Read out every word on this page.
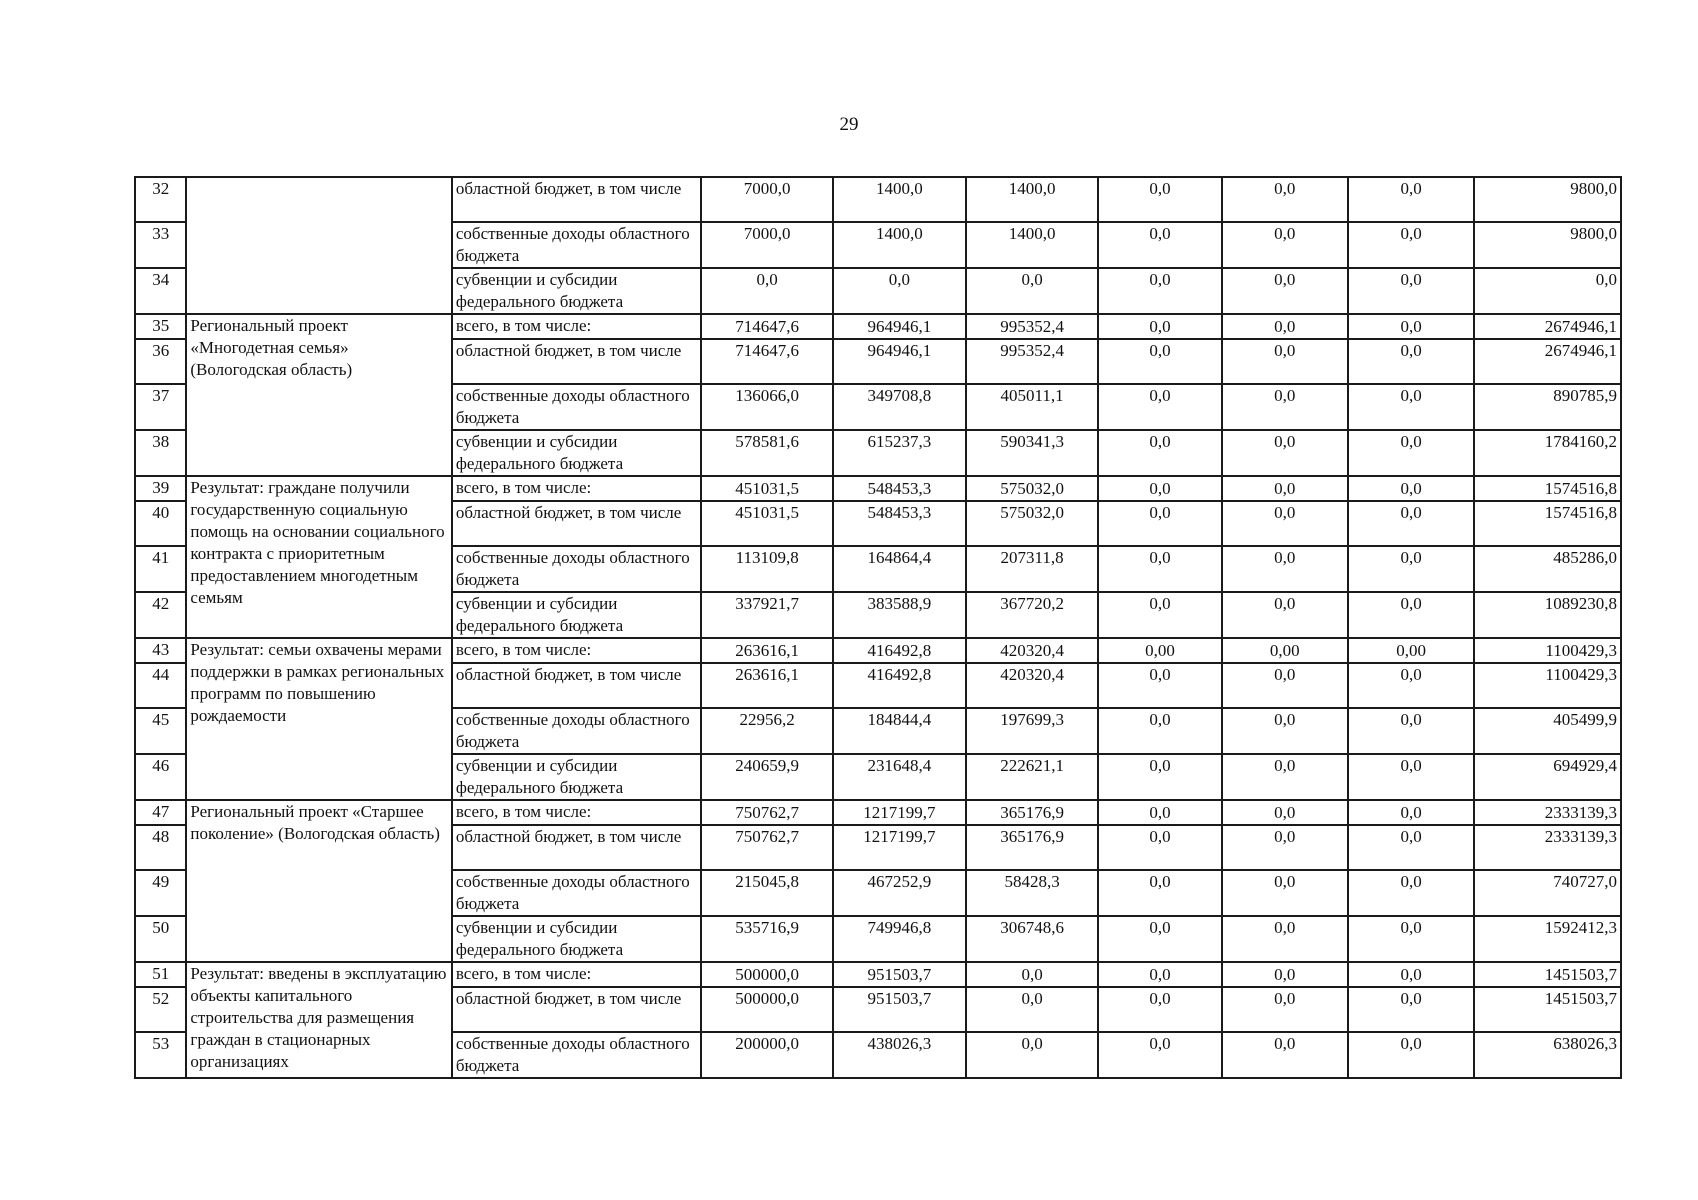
29
32		областной бюджет, в том числе	7000,0	1400,0	1400,0	0,0	0,0	0,0	9800,0
33		собственные доходы областного бюджета	7000,0	1400,0	1400,0	0,0	0,0	0,0	9800,0
34		субвенции и субсидии федерального бюджета	0,0	0,0	0,0	0,0	0,0	0,0	0,0
35	Региональный проект «Многодетная семья» (Вологодская область)	всего, в том числе:	714647,6	964946,1	995352,4	0,0	0,0	0,0	2674946,1
36		областной бюджет, в том числе	714647,6	964946,1	995352,4	0,0	0,0	0,0	2674946,1
37		собственные доходы областного бюджета	136066,0	349708,8	405011,1	0,0	0,0	0,0	890785,9
38		субвенции и субсидии федерального бюджета	578581,6	615237,3	590341,3	0,0	0,0	0,0	1784160,2
39	Результат: граждане получили государственную социальную помощь на основании социального контракта с приоритетным предоставлением многодетным семьям	всего, в том числе:	451031,5	548453,3	575032,0	0,0	0,0	0,0	1574516,8
40		областной бюджет, в том числе	451031,5	548453,3	575032,0	0,0	0,0	0,0	1574516,8
41		собственные доходы областного бюджета	113109,8	164864,4	207311,8	0,0	0,0	0,0	485286,0
42		субвенции и субсидии федерального бюджета	337921,7	383588,9	367720,2	0,0	0,0	0,0	1089230,8
43	Результат: семьи охвачены мерами поддержки в рамках региональных программ по повышению рождаемости	всего, в том числе:	263616,1	416492,8	420320,4	0,00	0,00	0,00	1100429,3
44		областной бюджет, в том числе	263616,1	416492,8	420320,4	0,0	0,0	0,0	1100429,3
45		собственные доходы областного бюджета	22956,2	184844,4	197699,3	0,0	0,0	0,0	405499,9
46		субвенции и субсидии федерального бюджета	240659,9	231648,4	222621,1	0,0	0,0	0,0	694929,4
47	Региональный проект «Старшее поколение» (Вологодская область)	всего, в том числе:	750762,7	1217199,7	365176,9	0,0	0,0	0,0	2333139,3
48		областной бюджет, в том числе	750762,7	1217199,7	365176,9	0,0	0,0	0,0	2333139,3
49		собственные доходы областного бюджета	215045,8	467252,9	58428,3	0,0	0,0	0,0	740727,0
50		субвенции и субсидии федерального бюджета	535716,9	749946,8	306748,6	0,0	0,0	0,0	1592412,3
51	Результат: введены в эксплуатацию объекты капитального строительства для размещения граждан в стационарных организациях	всего, в том числе:	500000,0	951503,7	0,0	0,0	0,0	0,0	1451503,7
52		областной бюджет, в том числе	500000,0	951503,7	0,0	0,0	0,0	0,0	1451503,7
53		собственные доходы областного бюджета	200000,0	438026,3	0,0	0,0	0,0	0,0	638026,3
